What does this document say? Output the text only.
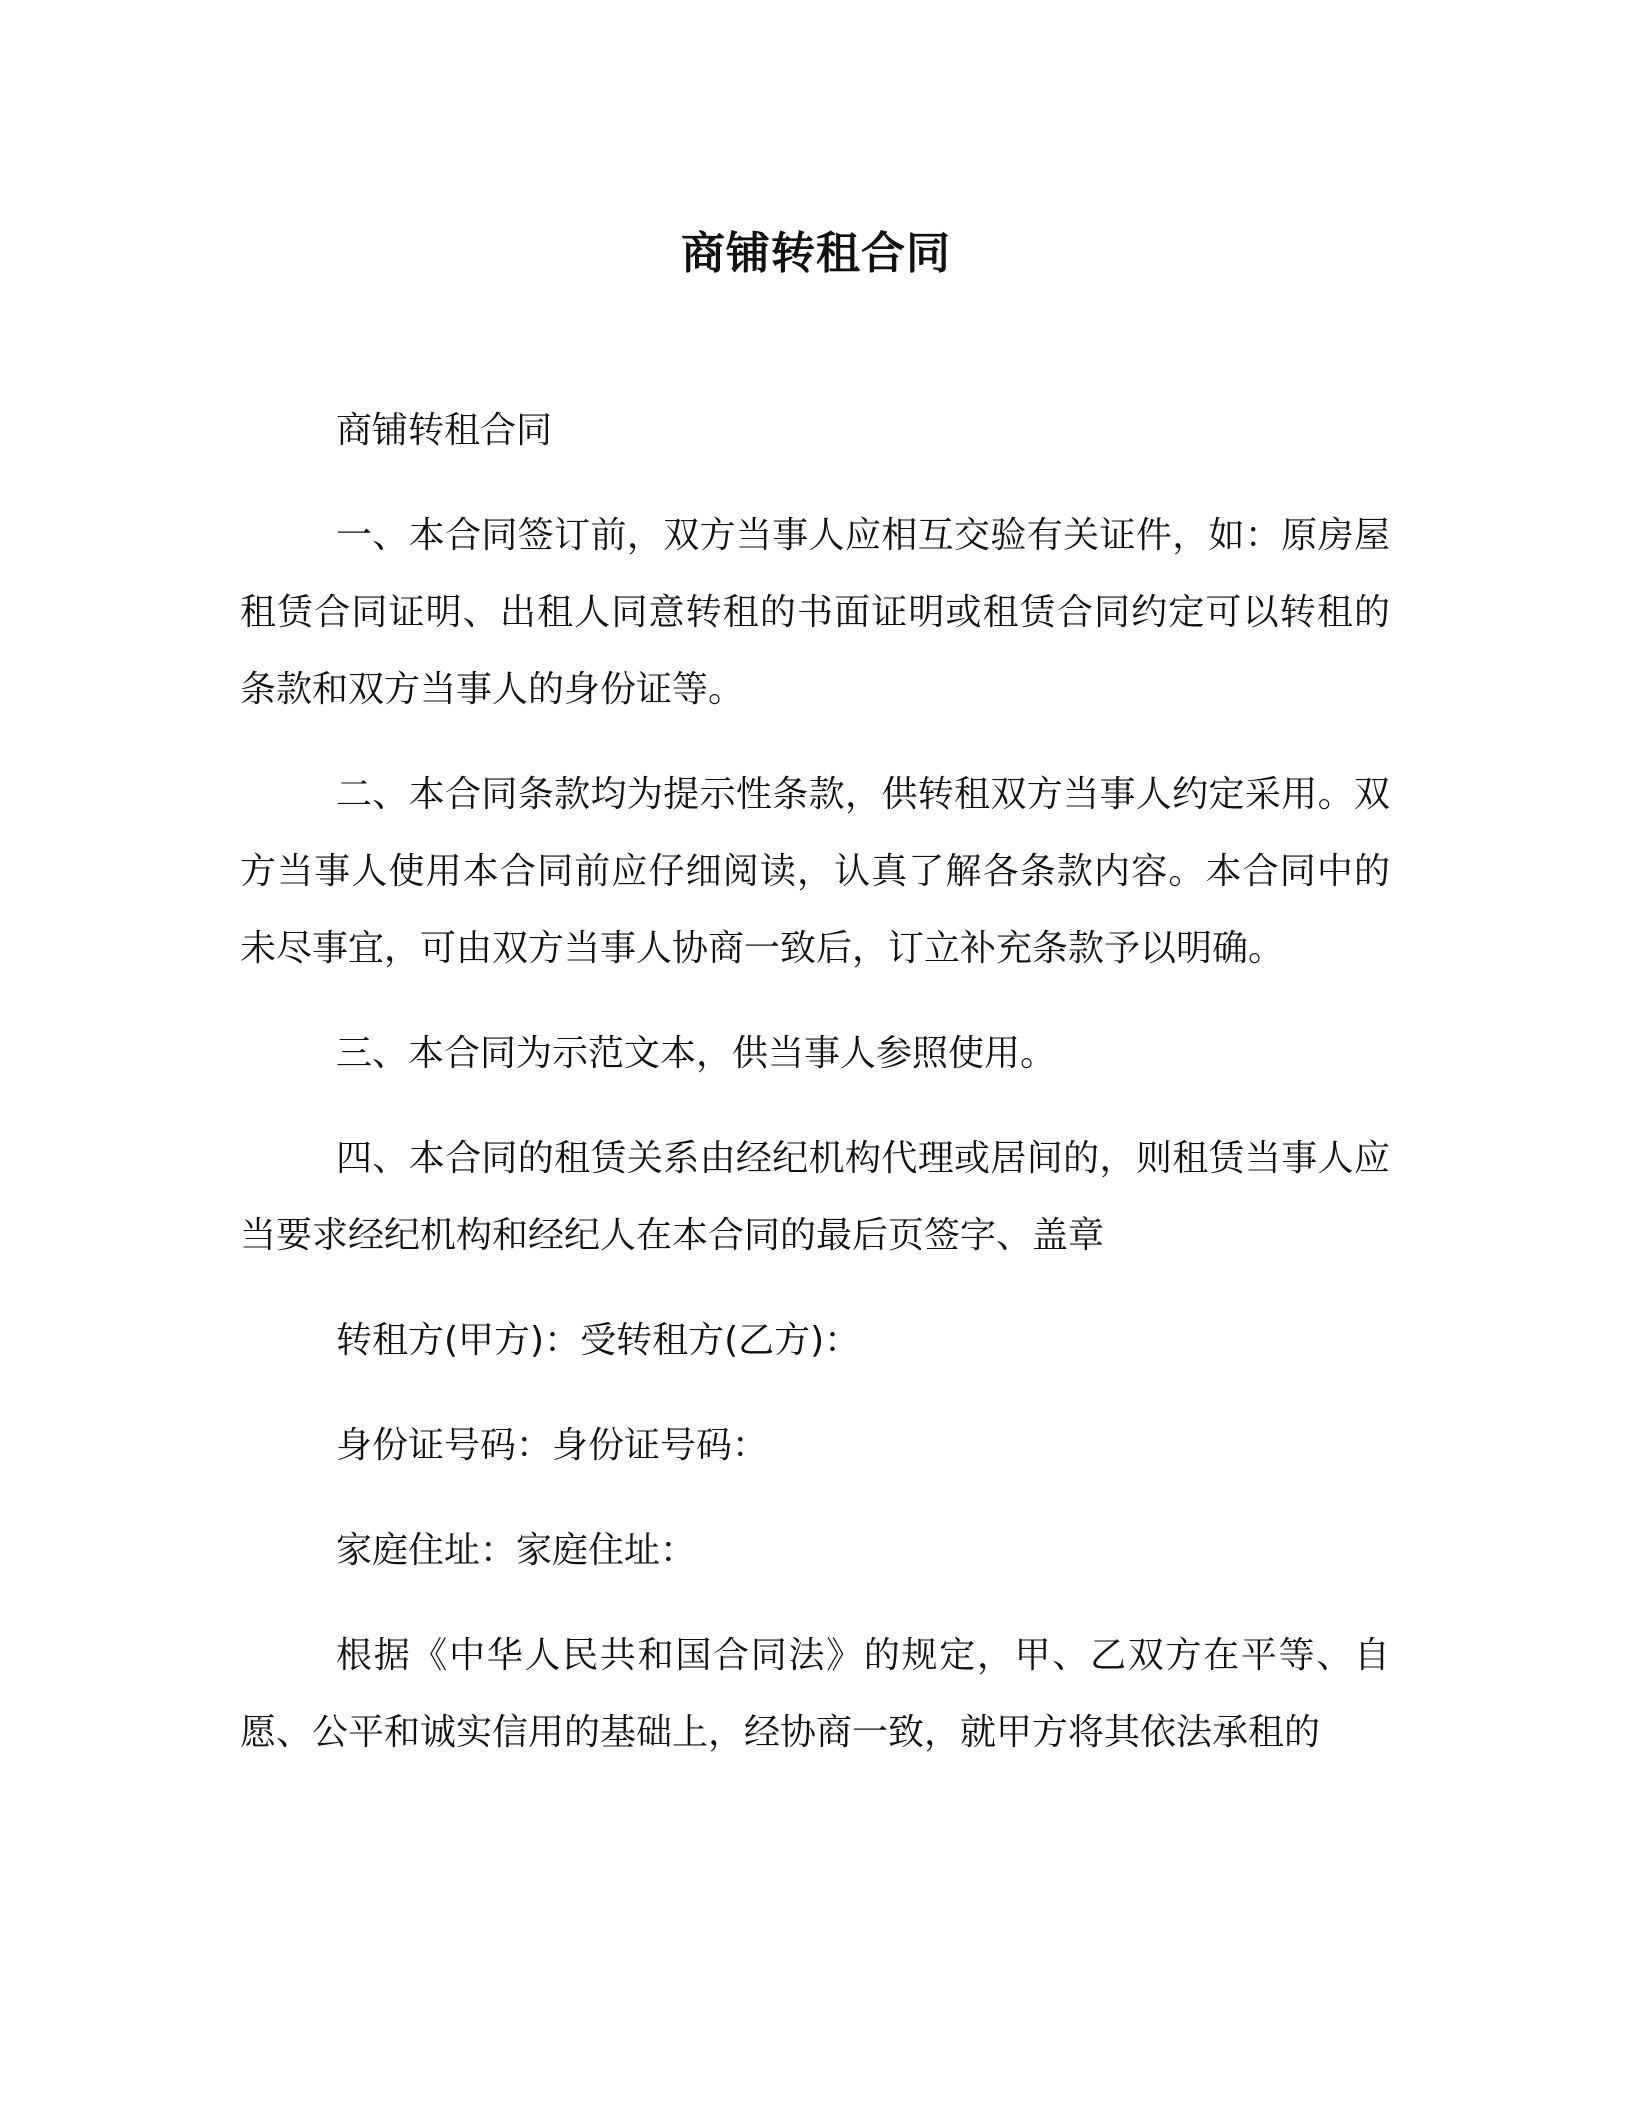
商铺转租合同

商铺转租合同

一、本合同签订前，双方当事人应相互交验有关证件，如：原房屋租赁合同证明、出租人同意转租的书面证明或租赁合同约定可以转租的条款和双方当事人的身份证等。

二、本合同条款均为提示性条款，供转租双方当事人约定采用。双方当事人使用本合同前应仔细阅读，认真了解各条款内容。本合同中的未尽事宜，可由双方当事人协商一致后，订立补充条款予以明确。

三、本合同为示范文本，供当事人参照使用。

四、本合同的租赁关系由经纪机构代理或居间的，则租赁当事人应当要求经纪机构和经纪人在本合同的最后页签字、盖章

转租方(甲方)：受转租方(乙方)：

身份证号码：身份证号码：

家庭住址：家庭住址：

根据《中华人民共和国合同法》的规定，甲、乙双方在平等、自愿、公平和诚实信用的基础上，经协商一致，就甲方将其依法承租的
